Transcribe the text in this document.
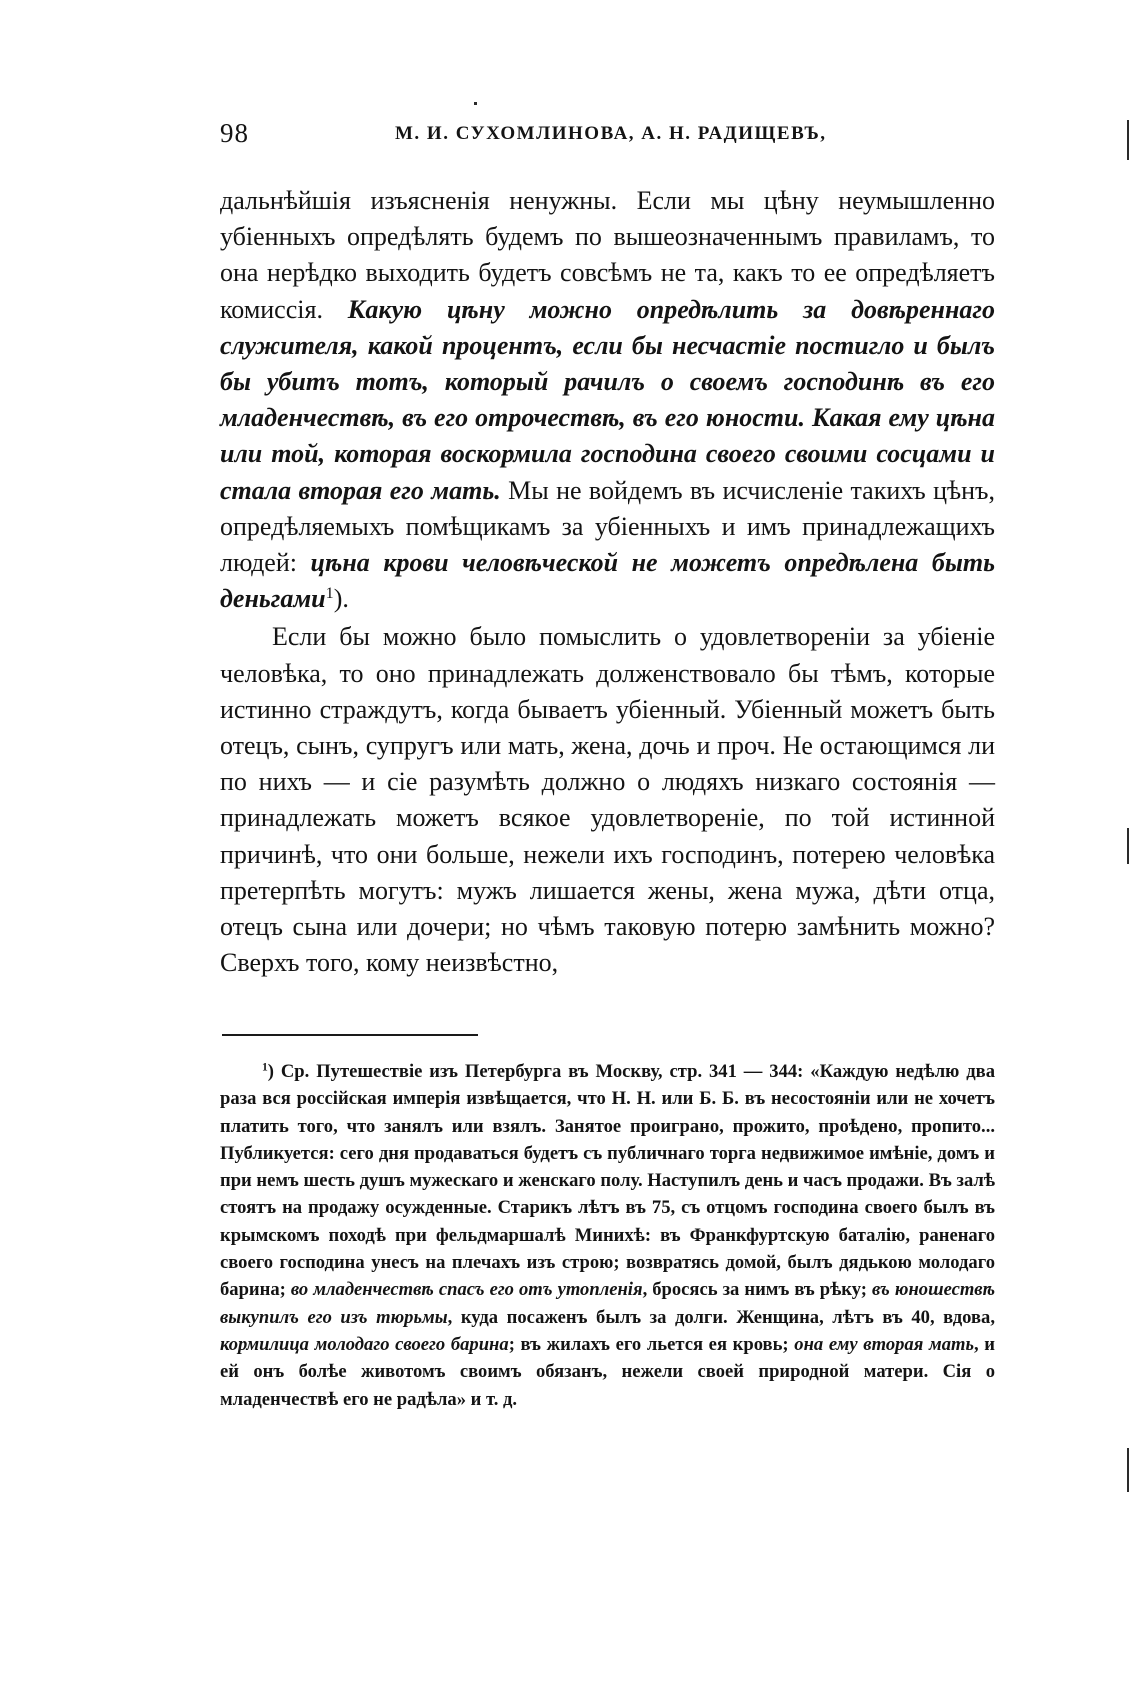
98	М. И. СУХОМЛИНОВА, А. Н. РАДИЩЕВЪ,

дальнѣйшія изъясненія ненужны. Если мы цѣну неумышленно убіенныхъ опредѣлять будемъ по вышеозначеннымъ правиламъ, то она нерѣдко выходить будетъ совсѣмъ не та, какъ то ее опредѣляетъ комиссія. Какую цѣну можно опредѣлить за довѣреннаго служителя, какой процентъ, если бы несчастіе постигло и былъ бы убитъ тотъ, который рачилъ о своемъ господинѣ въ его младенчествѣ, въ его отрочествѣ, въ его юности. Какая ему цѣна или той, которая воскормила господина своего своими сосцами и стала вторая его мать. Мы не войдемъ въ исчисленіе такихъ цѣнъ, опредѣляемыхъ помѣщикамъ за убіенныхъ и имъ принадлежащихъ людей: цѣна крови человѣческой не можетъ опредѣлена быть деньгами$^1$).

Если бы можно было помыслить о удовлетвореніи за убіеніе человѣка, то оно принадлежать долженствовало бы тѣмъ, которые истинно страждутъ, когда бываетъ убіенный. Убіенный можетъ быть отецъ, сынъ, супругъ или мать, жена, дочь и проч. Не остающимся ли по нихъ — и сіе разумѣть должно о людяхъ низкаго состоянія — принадлежать можетъ всякое удовлетвореніе, по той истинной причинѣ, что они больше, нежели ихъ господинъ, потерею человѣка претерпѣть могутъ: мужъ лишается жены, жена мужа, дѣти отца, отецъ сына или дочери; но чѣмъ таковую потерю замѣнить можно? Сверхъ того, кому неизвѣстно,

$^1$) Ср. Путешествіе изъ Петербурга въ Москву, стр. 341 — 344: «Каждую недѣлю два раза вся россійская имперія извѣщается, что Н. Н. или Б. Б. въ несостояніи или не хочетъ платить того, что занялъ или взялъ. Занятое проиграно, прожито, проѣдено, пропито... Публикуется: сего дня продаваться будетъ съ публичнаго торга недвижимое имѣніе, домъ и при немъ шесть душъ мужескаго и женскаго полу. Наступилъ день и часъ продажи. Въ залѣ стоятъ на продажу осужденные. Старикъ лѣтъ въ 75, съ отцомъ господина своего былъ въ крымскомъ походѣ при фельдмаршалѣ Минихѣ: въ Франкфуртскую баталію, раненаго своего господина унесъ на плечахъ изъ строю; возвратясь домой, былъ дядькою молодаго барина; во младенчествѣ спасъ его отъ утопленія, бросясь за нимъ въ рѣку; въ юношествѣ выкупилъ его изъ тюрьмы, куда посаженъ былъ за долги. Женщина, лѣтъ въ 40, вдова, кормилица молодаго своего барина; въ жилахъ его льется ея кровь; она ему вторая мать, и ей онъ болѣе животомъ своимъ обязанъ, нежели своей природной матери. Сія о младенчествѣ его не радѣла» и т. д.
